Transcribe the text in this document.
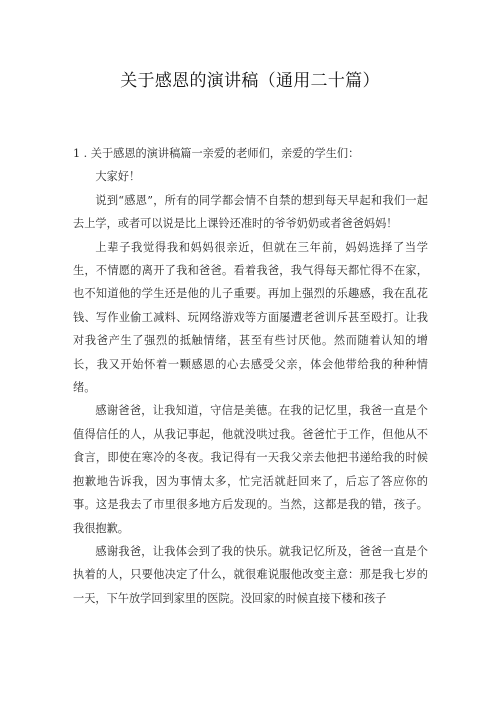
关于感恩的演讲稿（通用二十篇）

1 . 关于感恩的演讲稿篇一亲爱的老师们，亲爱的学生们：

大家好！

说到“感恩”，所有的同学都会情不自禁的想到每天早起和我们一起去上学，或者可以说是比上课铃还准时的爷爷奶奶或者爸爸妈妈！

上辈子我觉得我和妈妈很亲近，但就在三年前，妈妈选择了当学生，不情愿的离开了我和爸爸。看着我爸，我气得每天都忙得不在家，也不知道他的学生还是他的儿子重要。再加上强烈的乐趣感，我在乱花钱、写作业偷工减料、玩网络游戏等方面屡遭老爸训斥甚至殴打。让我对我爸产生了强烈的抵触情绪，甚至有些讨厌他。然而随着认知的增长，我又开始怀着一颗感恩的心去感受父亲，体会他带给我的种种情绪。

感谢爸爸，让我知道，守信是美德。在我的记忆里，我爸一直是个值得信任的人，从我记事起，他就没哄过我。爸爸忙于工作，但他从不食言，即使在寒冷的冬夜。我记得有一天我父亲去他把书递给我的时候抱歉地告诉我，因为事情太多，忙完活就赶回来了，后忘了答应你的事。这是我去了市里很多地方后发现的。当然，这都是我的错，孩子。我很抱歉。

感谢我爸，让我体会到了我的快乐。就我记忆所及，爸爸一直是个执着的人，只要他决定了什么，就很难说服他改变主意：那是我七岁的一天，下午放学回到家里的医院。没回家的时候直接下楼和孩子
